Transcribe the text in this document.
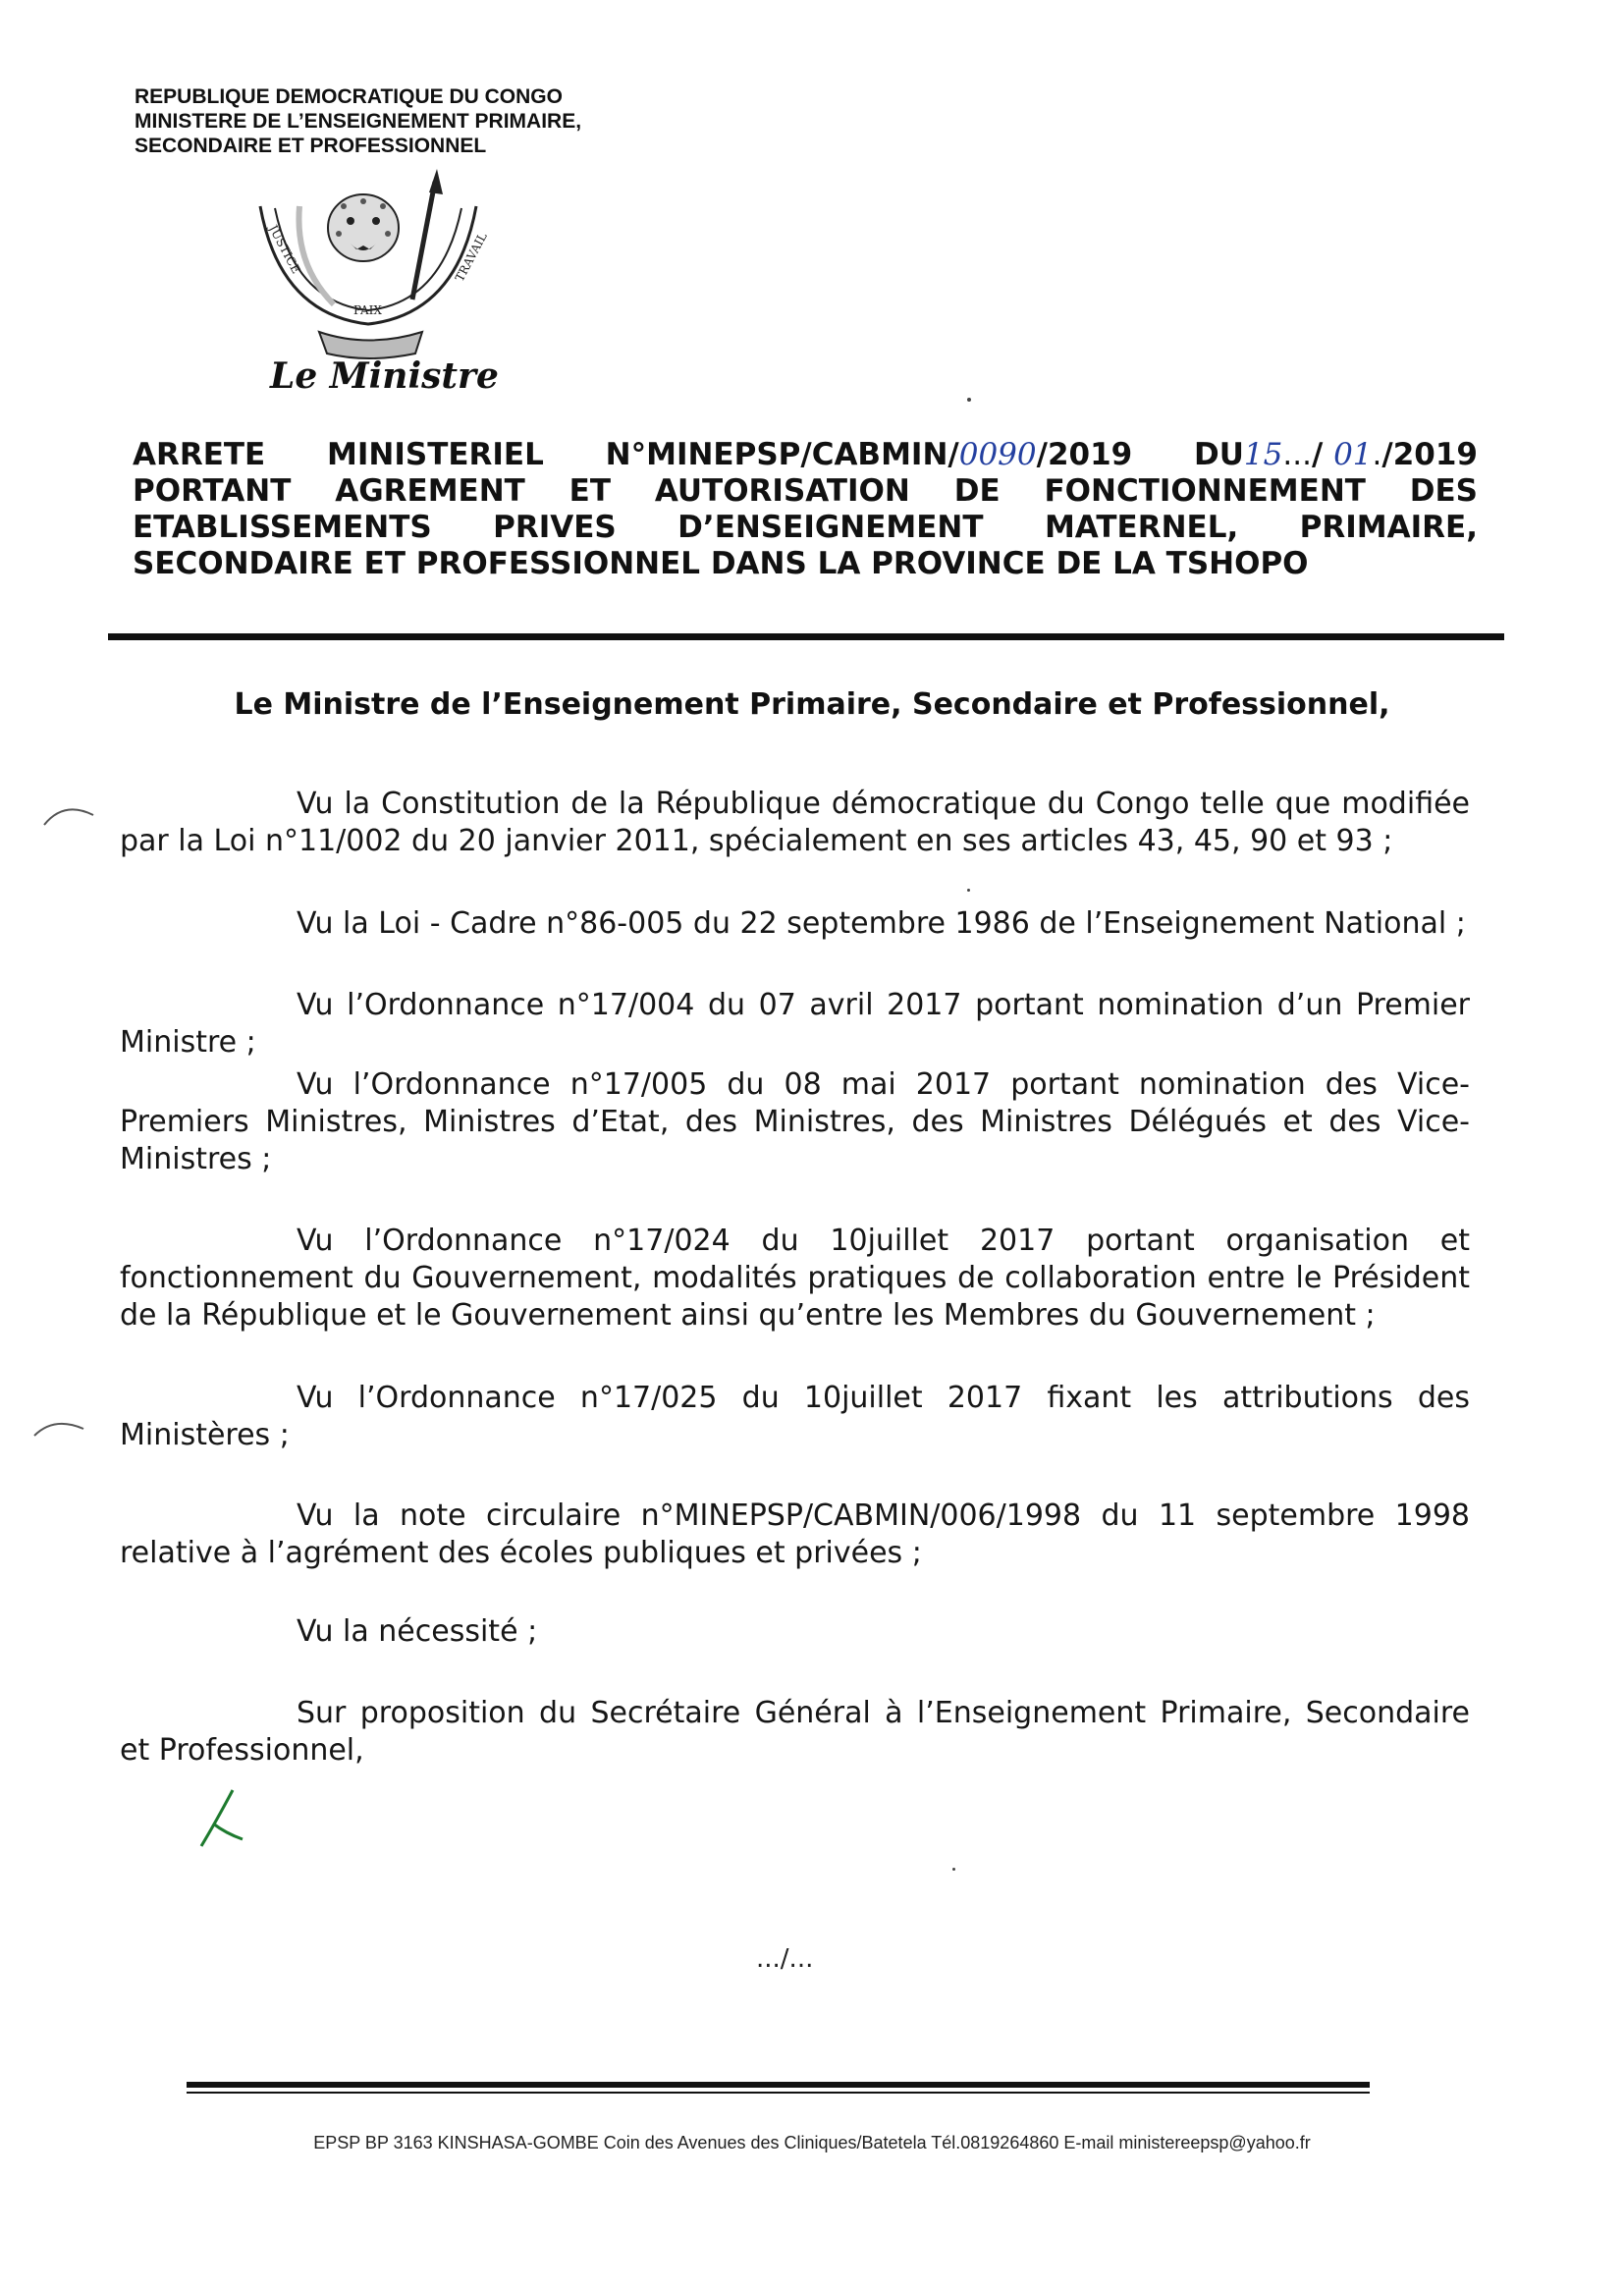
REPUBLIQUE DEMOCRATIQUE DU CONGO
MINISTERE DE L’ENSEIGNEMENT PRIMAIRE,
SECONDAIRE ET PROFESSIONNEL
JUSTICE	TRAVAIL
PAIX
Le Ministre
ARRETE MINISTERIEL N°MINEPSP/CABMIN/0090/2019 DU15.../ 01./2019
PORTANT AGREMENT ET AUTORISATION DE FONCTIONNEMENT DES ETABLISSEMENTS PRIVES D’ENSEIGNEMENT MATERNEL, PRIMAIRE, SECONDAIRE ET PROFESSIONNEL DANS LA PROVINCE DE LA TSHOPO
Le Ministre de l’Enseignement Primaire, Secondaire et Professionnel,
Vu la Constitution de la République démocratique du Congo telle que modifiée par la Loi n°11/002 du 20 janvier 2011, spécialement en ses articles 43, 45, 90 et 93 ;
Vu la Loi - Cadre n°86-005 du 22 septembre 1986 de l’Enseignement National ;
Vu l’Ordonnance n°17/004 du 07 avril 2017 portant nomination d’un Premier Ministre ;
Vu l’Ordonnance n°17/005 du 08 mai 2017 portant nomination des Vice-Premiers Ministres, Ministres d’Etat, des Ministres, des Ministres Délégués et des Vice-Ministres ;
Vu l’Ordonnance n°17/024 du 10juillet 2017 portant organisation et fonctionnement du Gouvernement, modalités pratiques de collaboration entre le Président de la République et le Gouvernement ainsi qu’entre les Membres du Gouvernement ;
Vu l’Ordonnance n°17/025 du 10juillet 2017 fixant les attributions des Ministères ;
Vu la note circulaire n°MINEPSP/CABMIN/006/1998 du 11 septembre 1998 relative à l’agrément des écoles publiques et privées ;
Vu la nécessité ;
Sur proposition du Secrétaire Général à l’Enseignement Primaire, Secondaire et Professionnel,
.../...
EPSP BP 3163 KINSHASA-GOMBE Coin des Avenues des Cliniques/Batetela Tél.0819264860 E-mail ministereepsp@yahoo.fr
